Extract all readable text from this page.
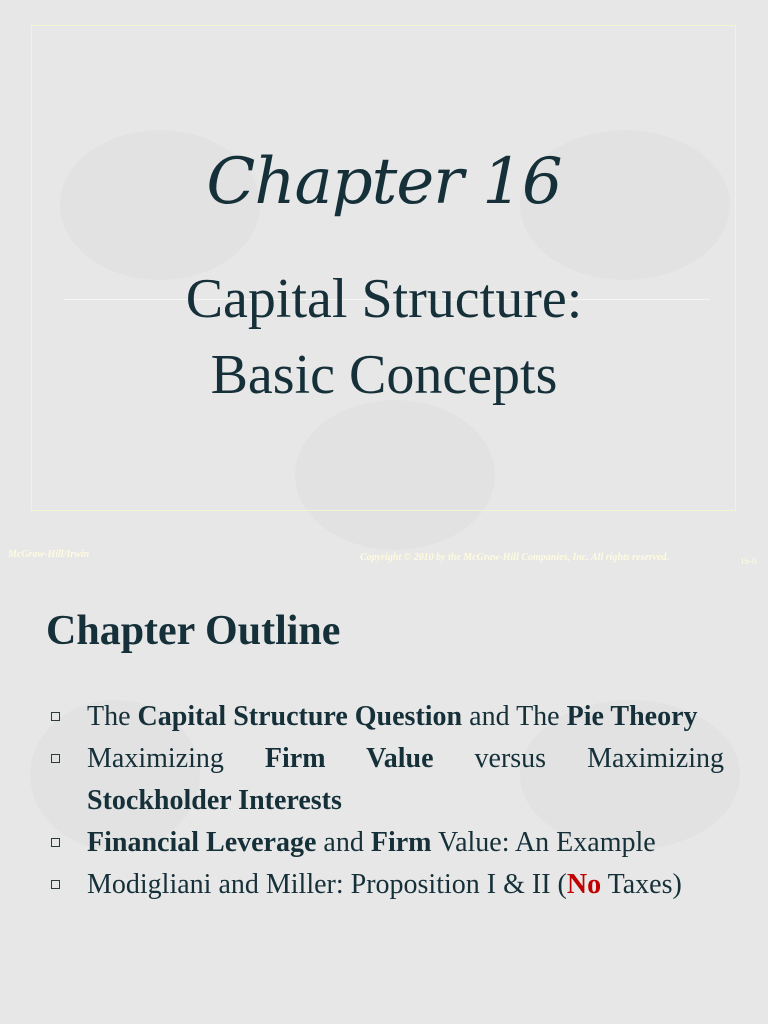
Chapter 16
Capital Structure:
Basic Concepts
McGraw-Hill/Irwin	Copyright © 2010 by the McGraw-Hill Companies, Inc. All rights reserved.	16-0
Chapter Outline
The Capital Structure Question and The Pie Theory
Maximizing Firm Value versus Maximizing Stockholder Interests
Financial Leverage and Firm Value: An Example
Modigliani and Miller: Proposition I & II (No Taxes)
